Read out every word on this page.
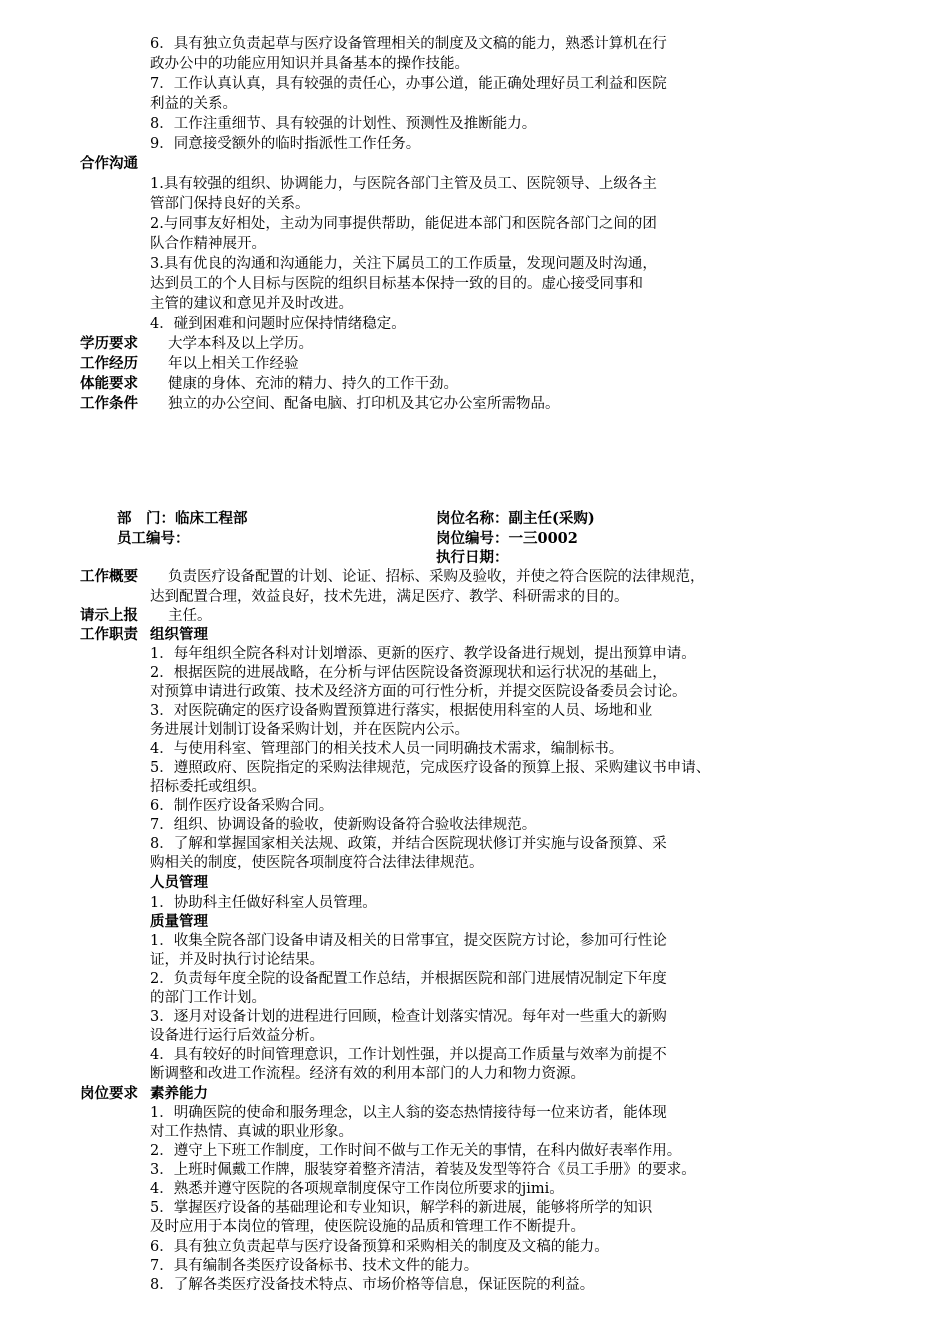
6．具有独立负责起草与医疗设备管理相关的制度及文稿的能力，熟悉计算机在行
政办公中的功能应用知识并具备基本的操作技能。
7．工作认真认真，具有较强的责任心，办事公道，能正确处理好员工利益和医院
利益的关系。
8．工作注重细节、具有较强的计划性、预测性及推断能力。
9．同意接受额外的临时指派性工作任务。
合作沟通
1.具有较强的组织、协调能力，与医院各部门主管及员工、医院领导、上级各主
管部门保持良好的关系。
2.与同事友好相处，主动为同事提供帮助，能促进本部门和医院各部门之间的团
队合作精神展开。
3.具有优良的沟通和沟通能力，关注下属员工的工作质量，发现问题及时沟通，
达到员工的个人目标与医院的组织目标基本保持一致的目的。虚心接受同事和
主管的建议和意见并及时改进。
4．碰到困难和问题时应保持情绪稳定。
学历要求 大学本科及以上学历。
工作经历 年以上相关工作经验
体能要求 健康的身体、充沛的精力、持久的工作干劲。
工作条件 独立的办公空间、配备电脑、打印机及其它办公室所需物品。
部　门：临床工程部	岗位名称：副主任(采购)
员工编号：	岗位编号：一三0002
执行日期：
工作概要 负责医疗设备配置的计划、论证、招标、采购及验收，并使之符合医院的法律规范，
达到配置合理，效益良好，技术先进，满足医疗、教学、科研需求的目的。
请示上报 主任。
工作职责 组织管理
1．每年组织全院各科对计划增添、更新的医疗、教学设备进行规划，提出预算申请。
2．根据医院的进展战略，在分析与评估医院设备资源现状和运行状况的基础上，
对预算申请进行政策、技术及经济方面的可行性分析，并提交医院设备委员会讨论。
3．对医院确定的医疗设备购置预算进行落实，根据使用科室的人员、场地和业
务进展计划制订设备采购计划，并在医院内公示。
4．与使用科室、管理部门的相关技术人员一同明确技术需求，编制标书。
5．遵照政府、医院指定的采购法律规范，完成医疗设备的预算上报、采购建议书申请、
招标委托或组织。
6．制作医疗设备采购合同。
7．组织、协调设备的验收，使新购设备符合验收法律规范。
8．了解和掌握国家相关法规、政策，并结合医院现状修订并实施与设备预算、采
购相关的制度，使医院各项制度符合法律法律规范。
人员管理
1．协助科主任做好科室人员管理。
质量管理
1．收集全院各部门设备申请及相关的日常事宜，提交医院方讨论，参加可行性论
证，并及时执行讨论结果。
2．负责每年度全院的设备配置工作总结，并根据医院和部门进展情况制定下年度
的部门工作计划。
3．逐月对设备计划的进程进行回顾，检查计划落实情况。每年对一些重大的新购
设备进行运行后效益分析。
4．具有较好的时间管理意识，工作计划性强，并以提高工作质量与效率为前提不
断调整和改进工作流程。经济有效的利用本部门的人力和物力资源。
岗位要求 素养能力
1．明确医院的使命和服务理念，以主人翁的姿态热情接待每一位来访者，能体现
对工作热情、真诚的职业形象。
2．遵守上下班工作制度，工作时间不做与工作无关的事情，在科内做好表率作用。
3．上班时佩戴工作牌，服装穿着整齐清洁，着装及发型等符合《员工手册》的要求。
4．熟悉并遵守医院的各项规章制度保守工作岗位所要求的jimi。
5．掌握医疗设备的基础理论和专业知识，解学科的新进展，能够将所学的知识
及时应用于本岗位的管理，使医院设施的品质和管理工作不断提升。
6．具有独立负责起草与医疗设备预算和采购相关的制度及文稿的能力。
7．具有编制各类医疗设备标书、技术文件的能力。
8．了解各类医疗没备技术特点、市场价格等信息，保证医院的利益。
